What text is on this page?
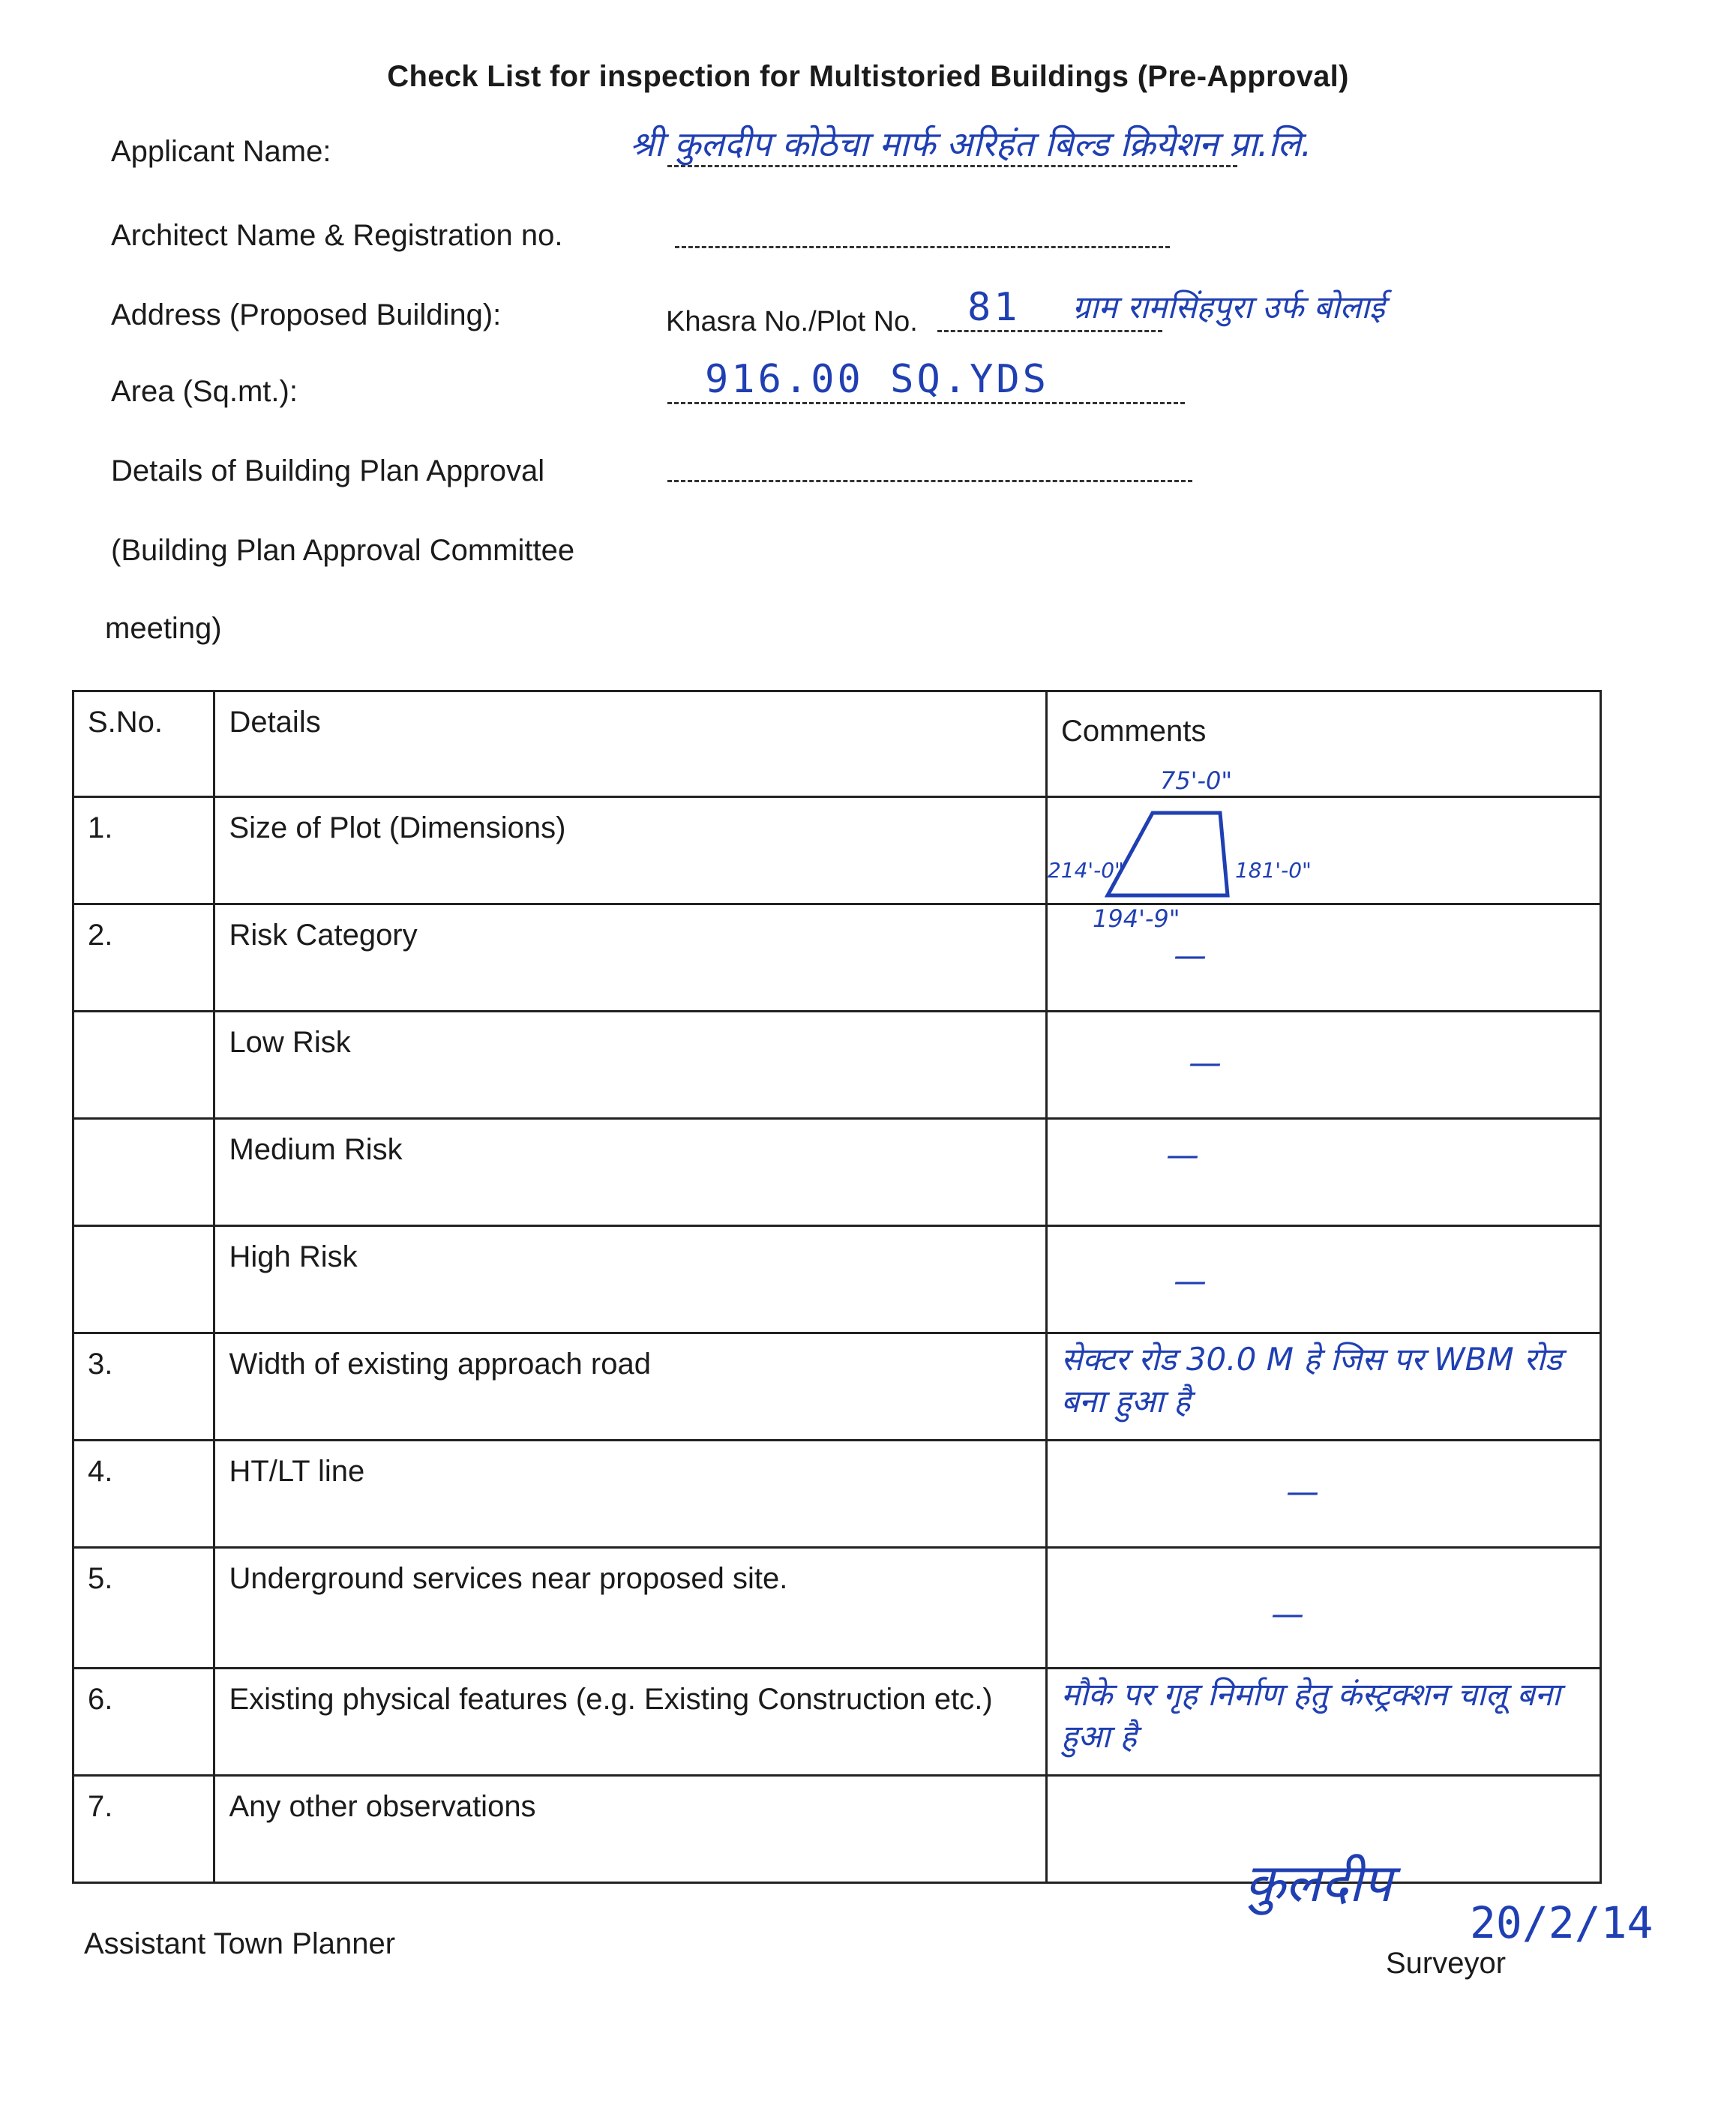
Check List for inspection for Multistoried Buildings (Pre-Approval)
Applicant Name:	श्री कुलदीप कोठेचा मार्फ अरिहंत बिल्ड क्रियेशन प्रा.लि.
Architect Name & Registration no.
Address (Proposed Building):	Khasra No./Plot No. 81 ग्राम रामसिंहपुरा उर्फ बोलाई
Area (Sq.mt.):	916.00 SQ.YDS
Details of Building Plan Approval
(Building Plan Approval Committee
meeting)
S.No.	Details	Comments
1.	Size of Plot (Dimensions)	75'-0"
214'-0" 181'-0"
194'-9"

2.	Risk Category	—
	Low Risk	—
	Medium Risk	—
	High Risk	—
3.	Width of existing approach road	सेक्टर रोड 30.0 M हे जिस पर WBM रोड बना हुआ है

4.	HT/LT line	—
5.	Underground services near proposed site.	—
6.	Existing physical features (e.g. Existing Construction etc.)	मौके पर गृह निर्माण हेतु कंस्ट्रक्शन चालू बना हुआ है

7.	Any other observations	
Assistant Town Planner
कुलदीप
20/2/14
Surveyor
